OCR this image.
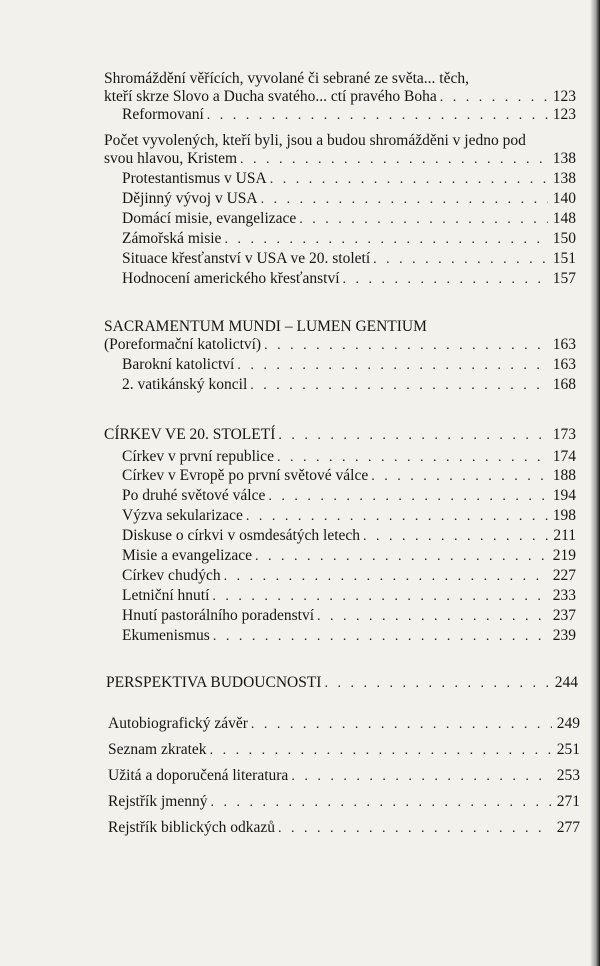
Shromáždění věřících, vyvolané či sebrané ze světa... těch,
kteří skrze Slovo a Ducha svatého... ctí pravého Boha . . .	123
Reformovaní . . .	123
Počet vyvolených, kteří byli, jsou a budou shromážděni v jedno pod
svou hlavou, Kristem . . .	138
Protestantismus v USA . . .	138
Dějinný vývoj v USA . . .	140
Domácí misie, evangelizace . . .	148
Zámořská misie . . .	150
Situace křesťanství v USA ve 20. století . . .	151
Hodnocení amerického křesťanství . . .	157
SACRAMENTUM MUNDI – LUMEN GENTIUM
(Poreformační katolictví) . . .	163
Barokní katolictví . . .	163
2. vatikánský koncil . . .	168
CÍRKEV VE 20. STOLETÍ . . .	173
Církev v první republice . . .	174
Církev v Evropě po první světové válce . . .	188
Po druhé světové válce . . .	194
Výzva sekularizace . . .	198
Diskuse o církvi v osmdesátých letech . . .	211
Misie a evangelizace . . .	219
Církev chudých . . .	227
Letniční hnutí . . .	233
Hnutí pastorálního poradenství . . .	237
Ekumenismus . . .	239
PERSPEKTIVA BUDOUCNOSTI . . .	244
Autobiografický závěr . . .	249
Seznam zkratek . . .	251
Užitá a doporučená literatura . . .	253
Rejstřík jmenný . . .	271
Rejstřík biblických odkazů . . .	277
